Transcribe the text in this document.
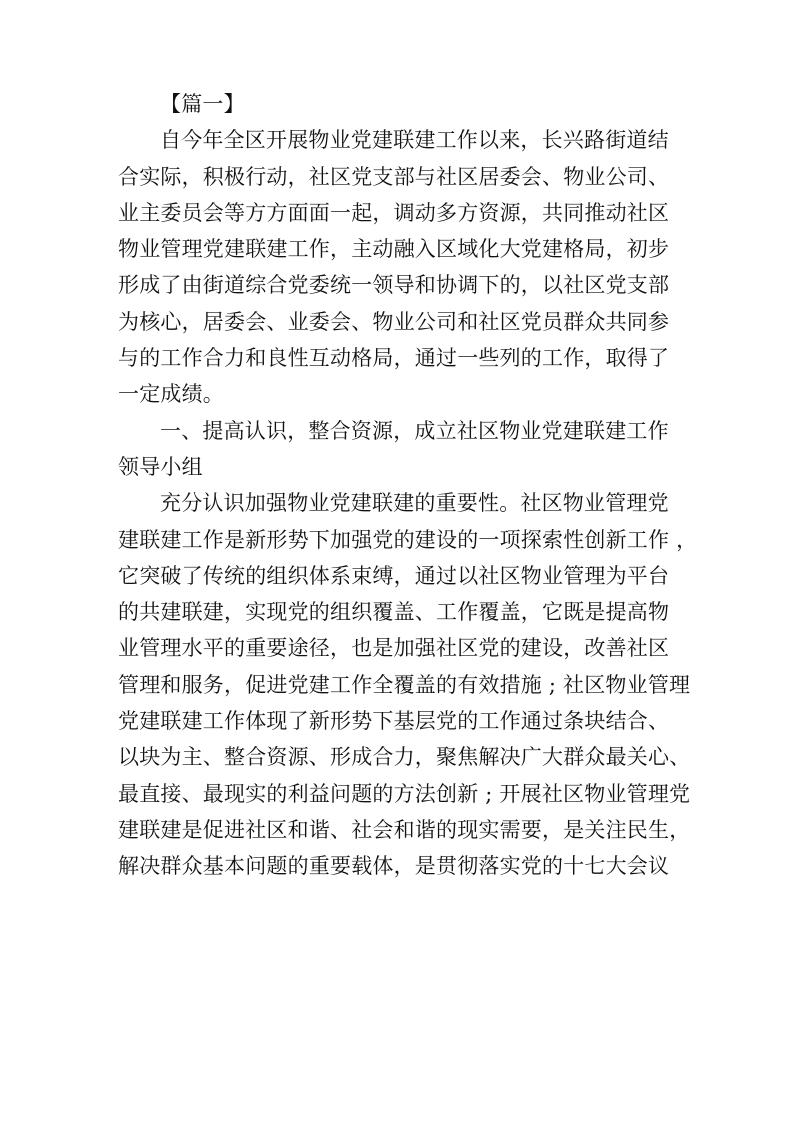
【篇一】
自今年全区开展物业党建联建工作以来，长兴路街道结
合实际，积极行动，社区党支部与社区居委会、物业公司、
业主委员会等方方面面一起，调动多方资源，共同推动社区
物业管理党建联建工作，主动融入区域化大党建格局，初步
形成了由街道综合党委统一领导和协调下的，以社区党支部
为核心，居委会、业委会、物业公司和社区党员群众共同参
与的工作合力和良性互动格局，通过一些列的工作，取得了
一定成绩。
一、提高认识，整合资源，成立社区物业党建联建工作
领导小组
充分认识加强物业党建联建的重要性。社区物业管理党
建联建工作是新形势下加强党的建设的一项探索性创新工作 ，
它突破了传统的组织体系束缚，通过以社区物业管理为平台
的共建联建，实现党的组织覆盖、工作覆盖，它既是提高物
业管理水平的重要途径，也是加强社区党的建设，改善社区
管理和服务，促进党建工作全覆盖的有效措施 ; 社区物业管理
党建联建工作体现了新形势下基层党的工作通过条块结合、
以块为主、整合资源、形成合力，聚焦解决广大群众最关心、
最直接、最现实的利益问题的方法创新 ; 开展社区物业管理党
建联建是促进社区和谐、社会和谐的现实需要，是关注民生，
解决群众基本问题的重要载体，是贯彻落实党的十七大会议
